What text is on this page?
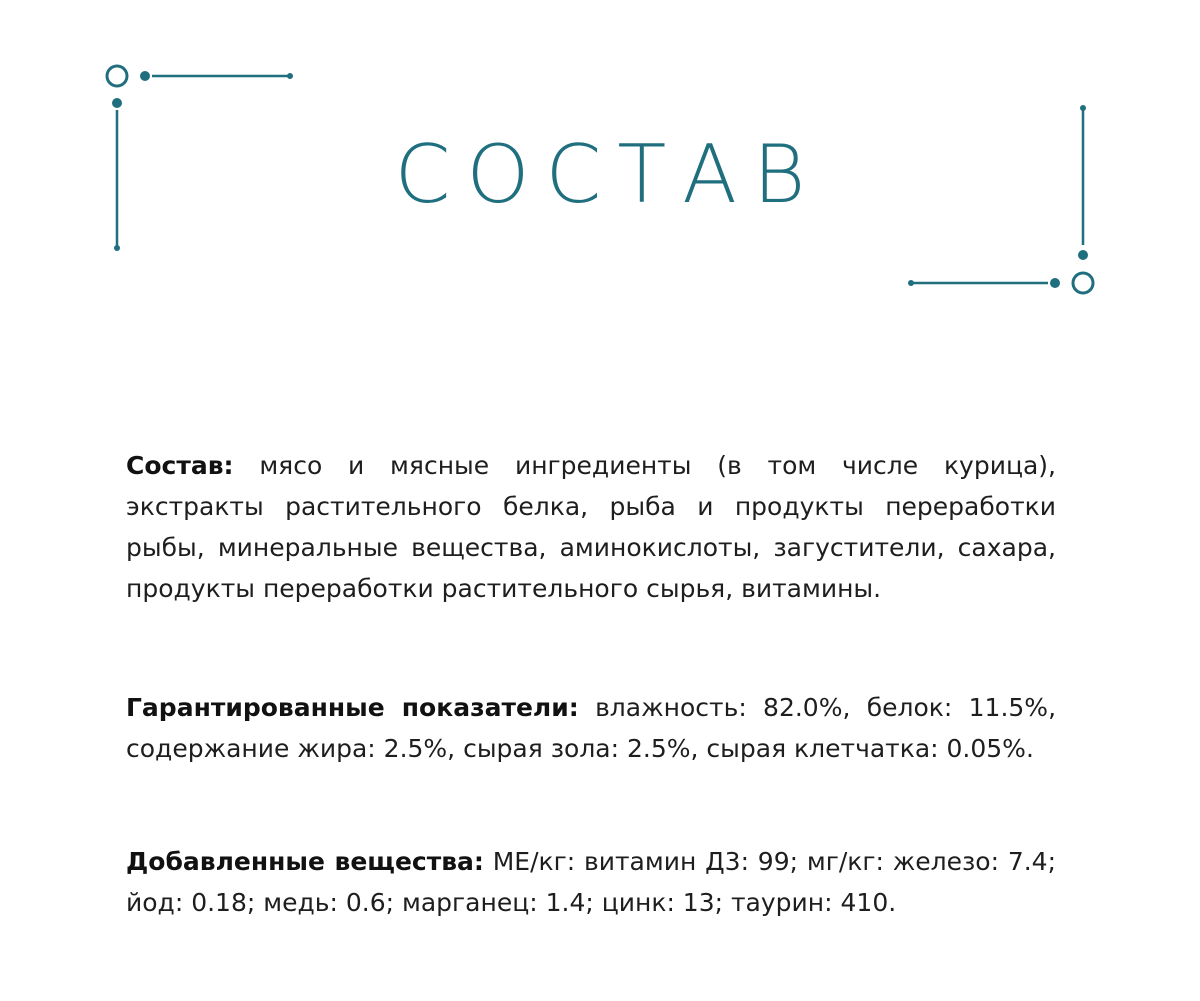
СОСТАВ

Состав: мясо и мясные ингредиенты (в том числе курица), экстракты растительного белка, рыба и продукты переработки рыбы, минеральные вещества, аминокислоты, загустители, сахара, продукты переработки растительного сырья, витамины.

Гарантированные показатели: влажность: 82.0%, белок: 11.5%, содержание жира: 2.5%, сырая зола: 2.5%, сырая клетчатка: 0.05%.

Добавленные вещества: МЕ/кг: витамин Д3: 99; мг/кг: железо: 7.4; йод: 0.18; медь: 0.6; марганец: 1.4; цинк: 13; таурин: 410.
